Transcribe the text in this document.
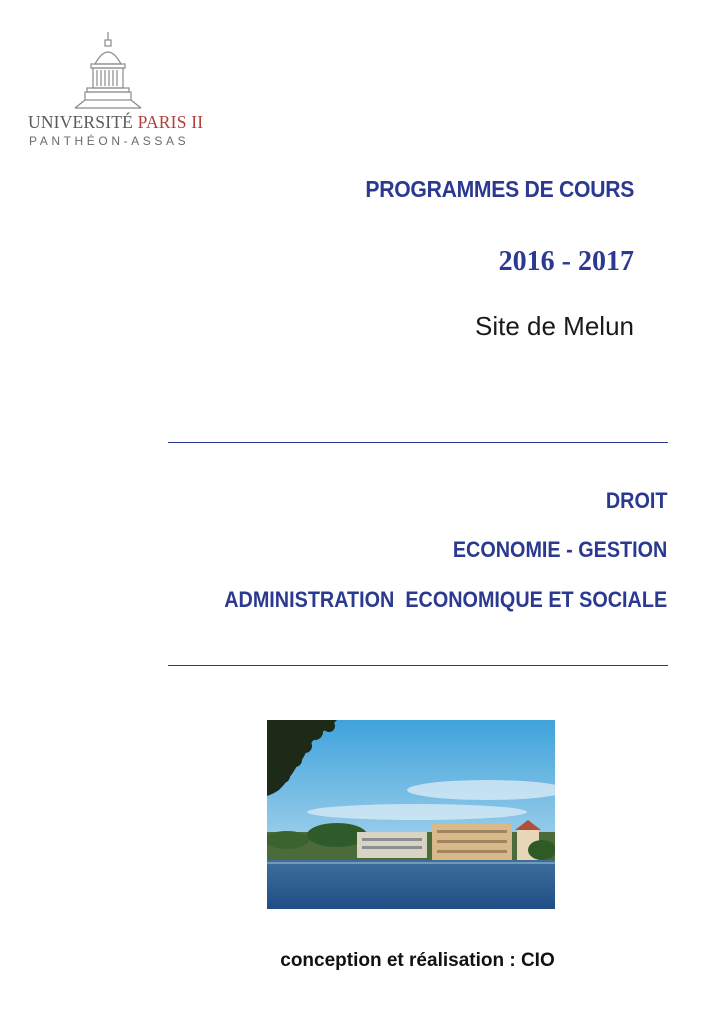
UNIVERSITÉ PARIS II
PANTHÉON-ASSAS
PROGRAMMES DE COURS
2016 - 2017
Site de Melun
DROIT
ECONOMIE - GESTION
ADMINISTRATION  ECONOMIQUE ET SOCIALE
conception et réalisation : CIO
